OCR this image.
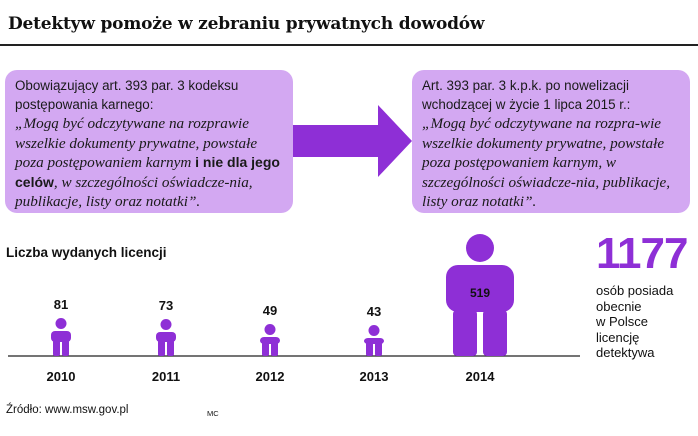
Detektyw pomoże w zebraniu prywatnych dowodów
Obowiązujący art. 393 par. 3 kodeksu postępowania karnego:
„Mogą być odczytywane na rozprawie wszelkie dokumenty prywatne, powstałe poza postępowaniem karnym i nie dla jego celów, w szczególności oświadcze-nia, publikacje, listy oraz notatki”.
Art. 393 par. 3 k.p.k. po nowelizacji wchodzącej w życie 1 lipca 2015 r.:
„Mogą być odczytywane na rozpra-wie wszelkie dokumenty prywatne, powstałe poza postępowaniem karnym, w szczególności oświadcze-nia, publikacje, listy oraz notatki”.
Liczba wydanych licencji
81
2010
73
2011
49
2012
43
2013
519
2014
1177
osób posiada
obecnie
w Polsce
licencję
detektywa
Źródło: www.msw.gov.pl	MC
